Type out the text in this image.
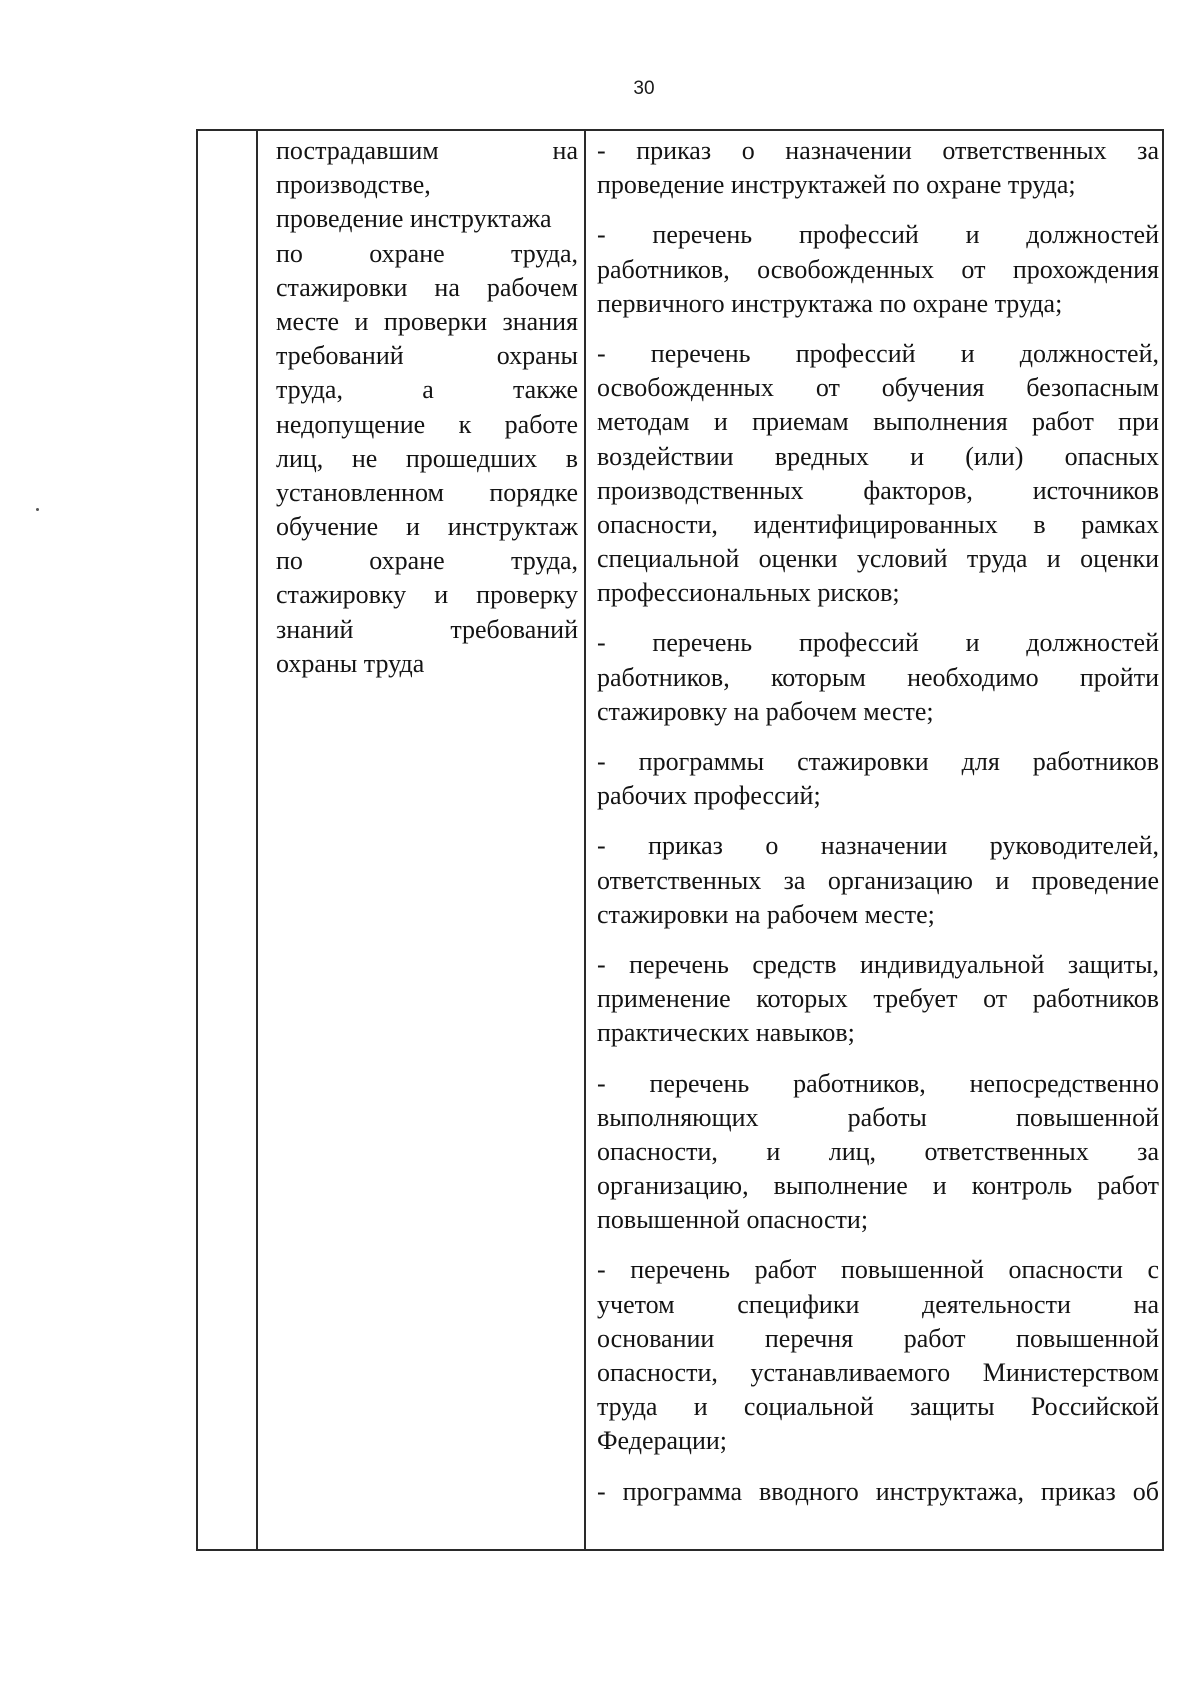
30
пострадавшим на
производстве,
проведение инструктажа
по охране труда,
стажировки на рабочем
месте и проверки знания
требований охраны
труда, а также
недопущение к работе
лиц, не прошедших в
установленном порядке
обучение и инструктаж
по охране труда,
стажировку и проверку
знаний требований
охраны труда
- приказ о назначении ответственных за
проведение инструктажей по охране труда;
- перечень профессий и должностей
работников, освобожденных от прохождения
первичного инструктажа по охране труда;
- перечень профессий и должностей,
освобожденных от обучения безопасным
методам и приемам выполнения работ при
воздействии вредных и (или) опасных
производственных факторов, источников
опасности, идентифицированных в рамках
специальной оценки условий труда и оценки
профессиональных рисков;
- перечень профессий и должностей
работников, которым необходимо пройти
стажировку на рабочем месте;
- программы стажировки для работников
рабочих профессий;
- приказ о назначении руководителей,
ответственных за организацию и проведение
стажировки на рабочем месте;
- перечень средств индивидуальной защиты,
применение которых требует от работников
практических навыков;
- перечень работников, непосредственно
выполняющих работы повышенной
опасности, и лиц, ответственных за
организацию, выполнение и контроль работ
повышенной опасности;
- перечень работ повышенной опасности с
учетом специфики деятельности на
основании перечня работ повышенной
опасности, устанавливаемого Министерством
труда и социальной защиты Российской
Федерации;
- программа вводного инструктажа, приказ об
